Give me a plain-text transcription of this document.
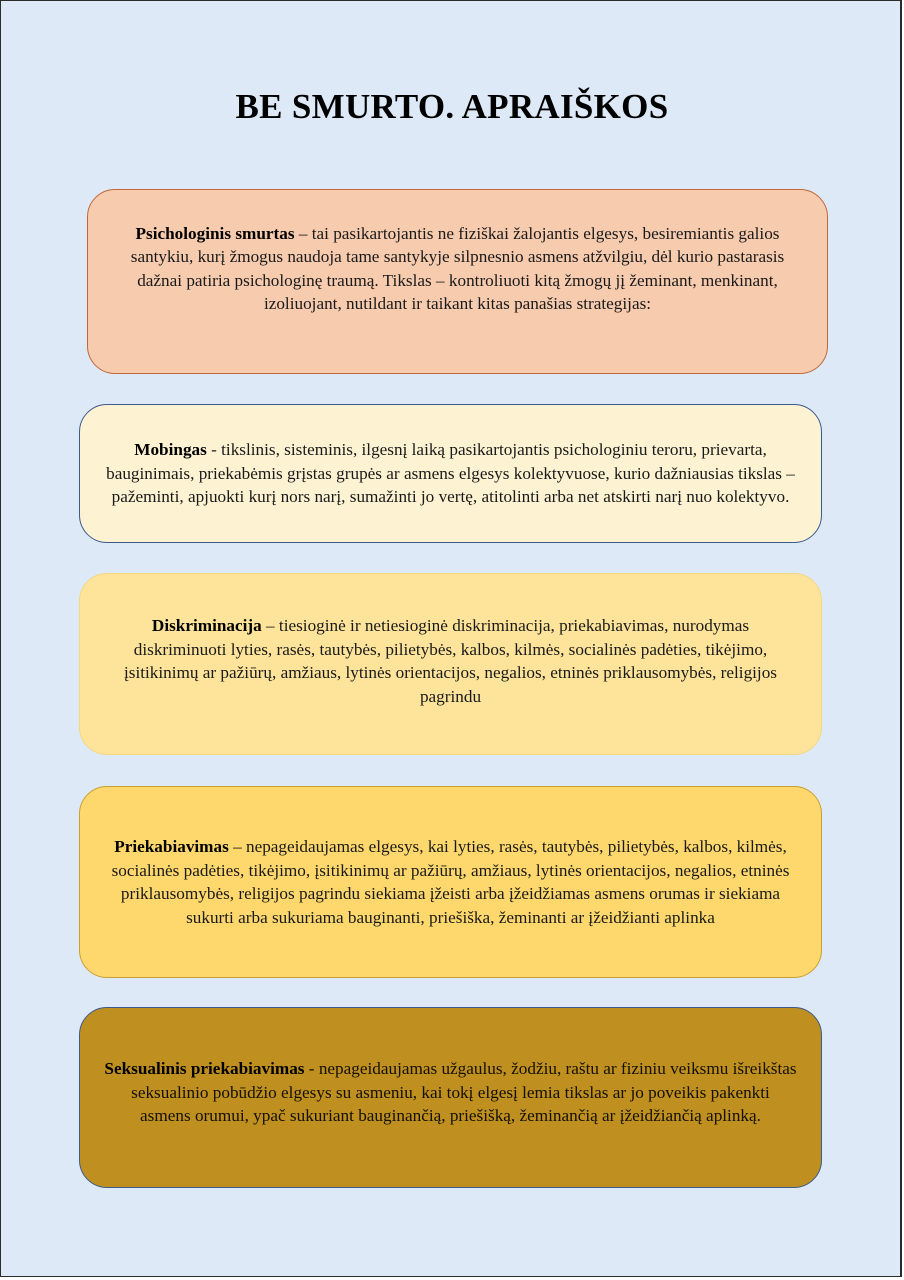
BE SMURTO. APRAIŠKOS

Psichologinis smurtas – tai pasikartojantis ne fiziškai žalojantis elgesys, besiremiantis galios santykiu, kurį žmogus naudoja tame santykyje silpnesnio asmens atžvilgiu, dėl kurio pastarasis dažnai patiria psichologinę traumą. Tikslas – kontroliuoti kitą žmogų jį žeminant, menkinant, izoliuojant, nutildant ir taikant kitas panašias strategijas:

Mobingas - tikslinis, sisteminis, ilgesnį laiką pasikartojantis psichologiniu teroru, prievarta, bauginimais, priekabėmis grįstas grupės ar asmens elgesys kolektyvuose, kurio dažniausias tikslas – pažeminti, apjuokti kurį nors narį, sumažinti jo vertę, atitolinti arba net atskirti narį nuo kolektyvo.

Diskriminacija – tiesioginė ir netiesioginė diskriminacija, priekabiavimas, nurodymas diskriminuoti lyties, rasės, tautybės, pilietybės, kalbos, kilmės, socialinės padėties, tikėjimo, įsitikinimų ar pažiūrų, amžiaus, lytinės orientacijos, negalios, etninės priklausomybės, religijos pagrindu

Priekabiavimas – nepageidaujamas elgesys, kai lyties, rasės, tautybės, pilietybės, kalbos, kilmės, socialinės padėties, tikėjimo, įsitikinimų ar pažiūrų, amžiaus, lytinės orientacijos, negalios, etninės priklausomybės, religijos pagrindu siekiama įžeisti arba įžeidžiamas asmens orumas ir siekiama sukurti arba sukuriama bauginanti, priešiška, žeminanti ar įžeidžianti aplinka

Seksualinis priekabiavimas - nepageidaujamas užgaulus, žodžiu, raštu ar fiziniu veiksmu išreikštas seksualinio pobūdžio elgesys su asmeniu, kai tokį elgesį lemia tikslas ar jo poveikis pakenkti asmens orumui, ypač sukuriant bauginančią, priešišką, žeminančią ar įžeidžiančią aplinką.
